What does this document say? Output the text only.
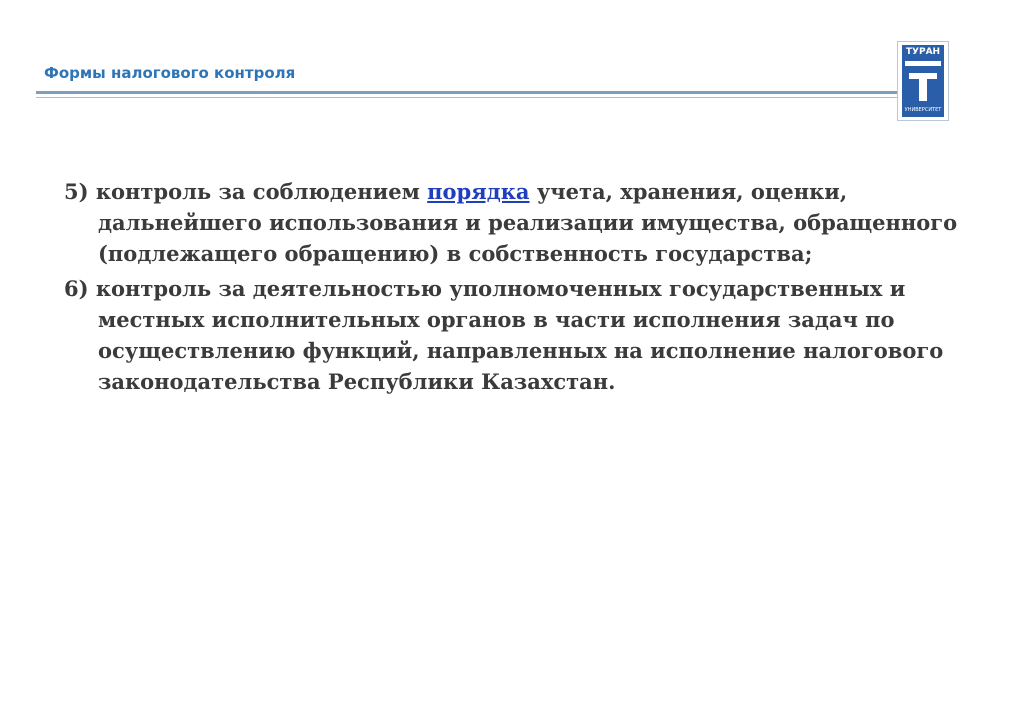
Формы налогового контроля
ТУРАН
УНИВЕРСИТЕТ
5) контроль за соблюдением порядка учета, хранения, оценки, дальнейшего использования и реализации имущества, обращенного (подлежащего обращению) в собственность государства;
6) контроль за деятельностью уполномоченных государственных и местных исполнительных органов в части исполнения задач по осуществлению функций, направленных на исполнение налогового законодательства Республики Казахстан.
